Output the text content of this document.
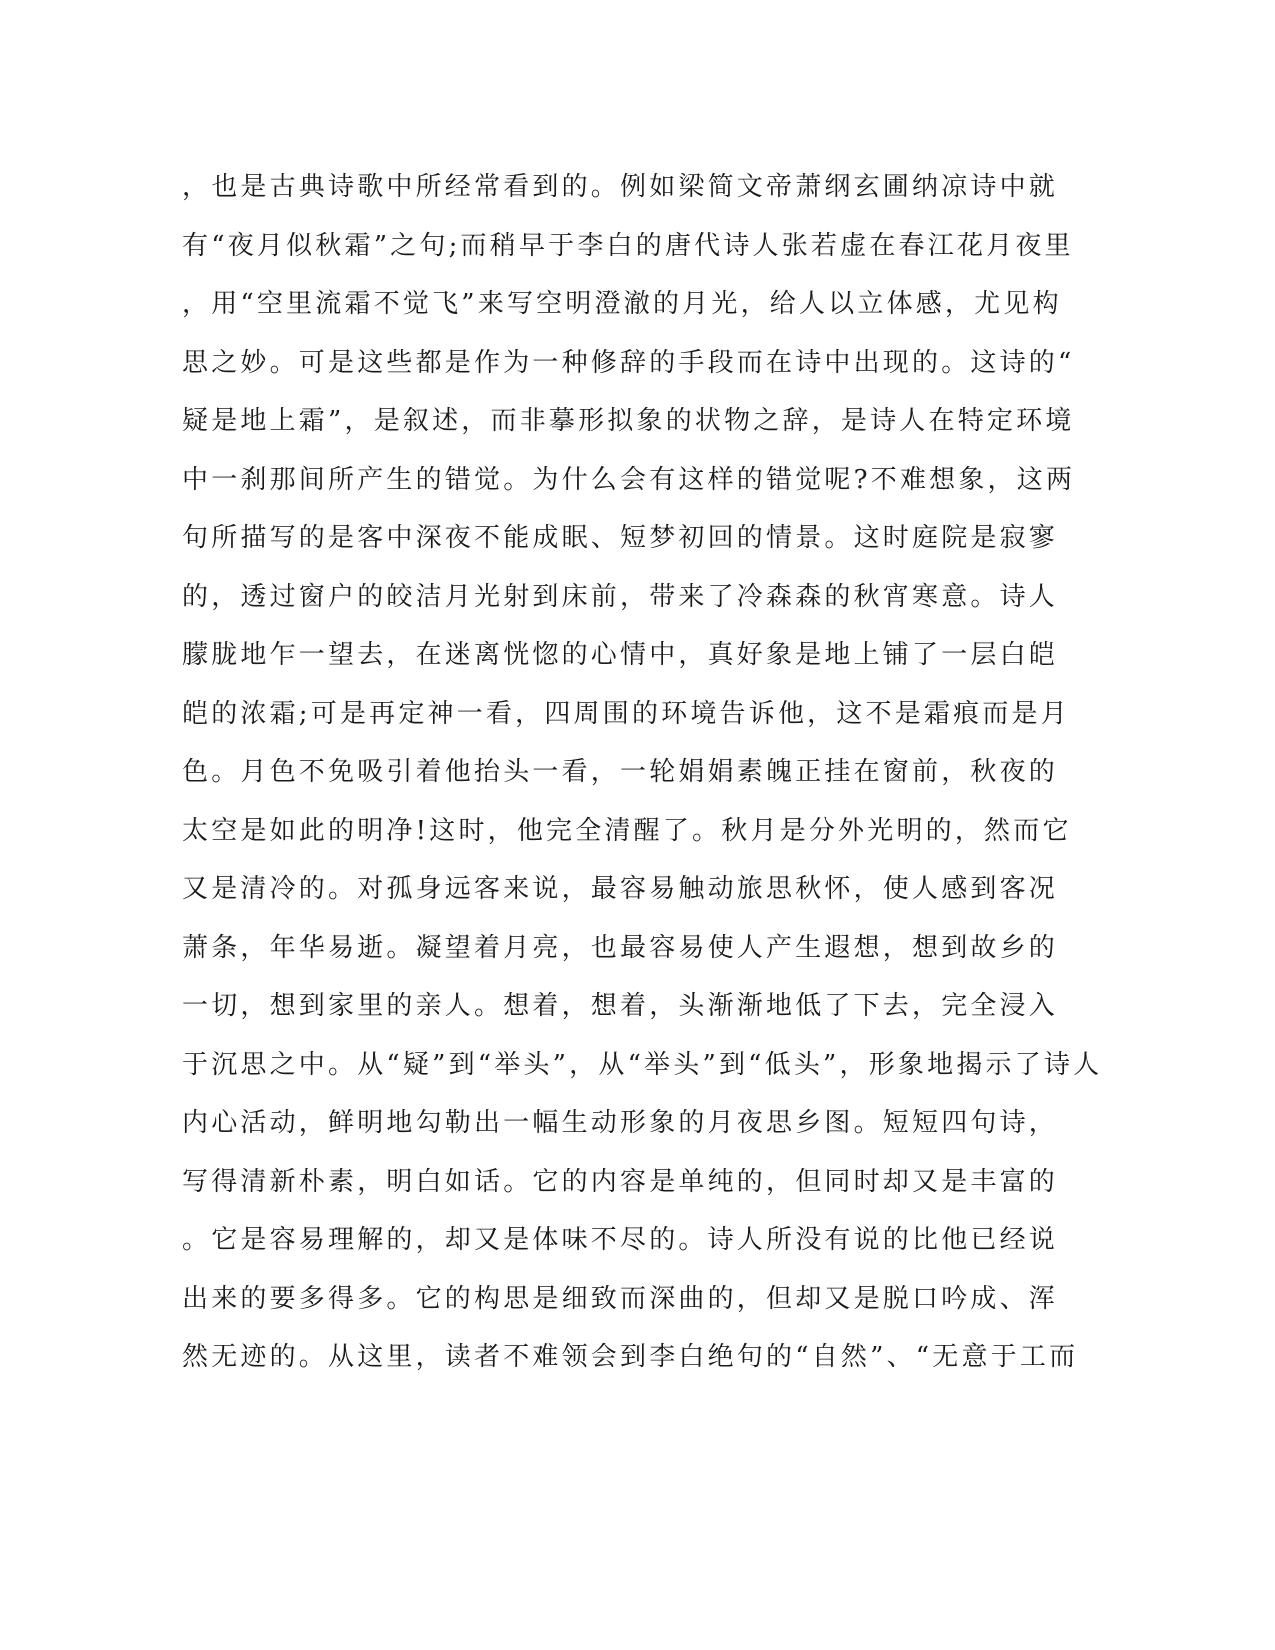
，也是古典诗歌中所经常看到的。例如梁简文帝萧纲玄圃纳凉诗中就
有“夜月似秋霜”之句;而稍早于李白的唐代诗人张若虚在春江花月夜里
，用“空里流霜不觉飞”来写空明澄澈的月光，给人以立体感，尤见构
思之妙。可是这些都是作为一种修辞的手段而在诗中出现的。这诗的“
疑是地上霜”，是叙述，而非摹形拟象的状物之辞，是诗人在特定环境
中一刹那间所产生的错觉。为什么会有这样的错觉呢?不难想象，这两
句所描写的是客中深夜不能成眠、短梦初回的情景。这时庭院是寂寥
的，透过窗户的皎洁月光射到床前，带来了冷森森的秋宵寒意。诗人
朦胧地乍一望去，在迷离恍惚的心情中，真好象是地上铺了一层白皑
皑的浓霜;可是再定神一看，四周围的环境告诉他，这不是霜痕而是月
色。月色不免吸引着他抬头一看，一轮娟娟素魄正挂在窗前，秋夜的
太空是如此的明净!这时，他完全清醒了。秋月是分外光明的，然而它
又是清冷的。对孤身远客来说，最容易触动旅思秋怀，使人感到客况
萧条，年华易逝。凝望着月亮，也最容易使人产生遐想，想到故乡的
一切，想到家里的亲人。想着，想着，头渐渐地低了下去，完全浸入
于沉思之中。从“疑”到“举头”，从“举头”到“低头”，形象地揭示了诗人
内心活动，鲜明地勾勒出一幅生动形象的月夜思乡图。短短四句诗，
写得清新朴素，明白如话。它的内容是单纯的，但同时却又是丰富的
。它是容易理解的，却又是体味不尽的。诗人所没有说的比他已经说
出来的要多得多。它的构思是细致而深曲的，但却又是脱口吟成、浑
然无迹的。从这里，读者不难领会到李白绝句的“自然”、“无意于工而
